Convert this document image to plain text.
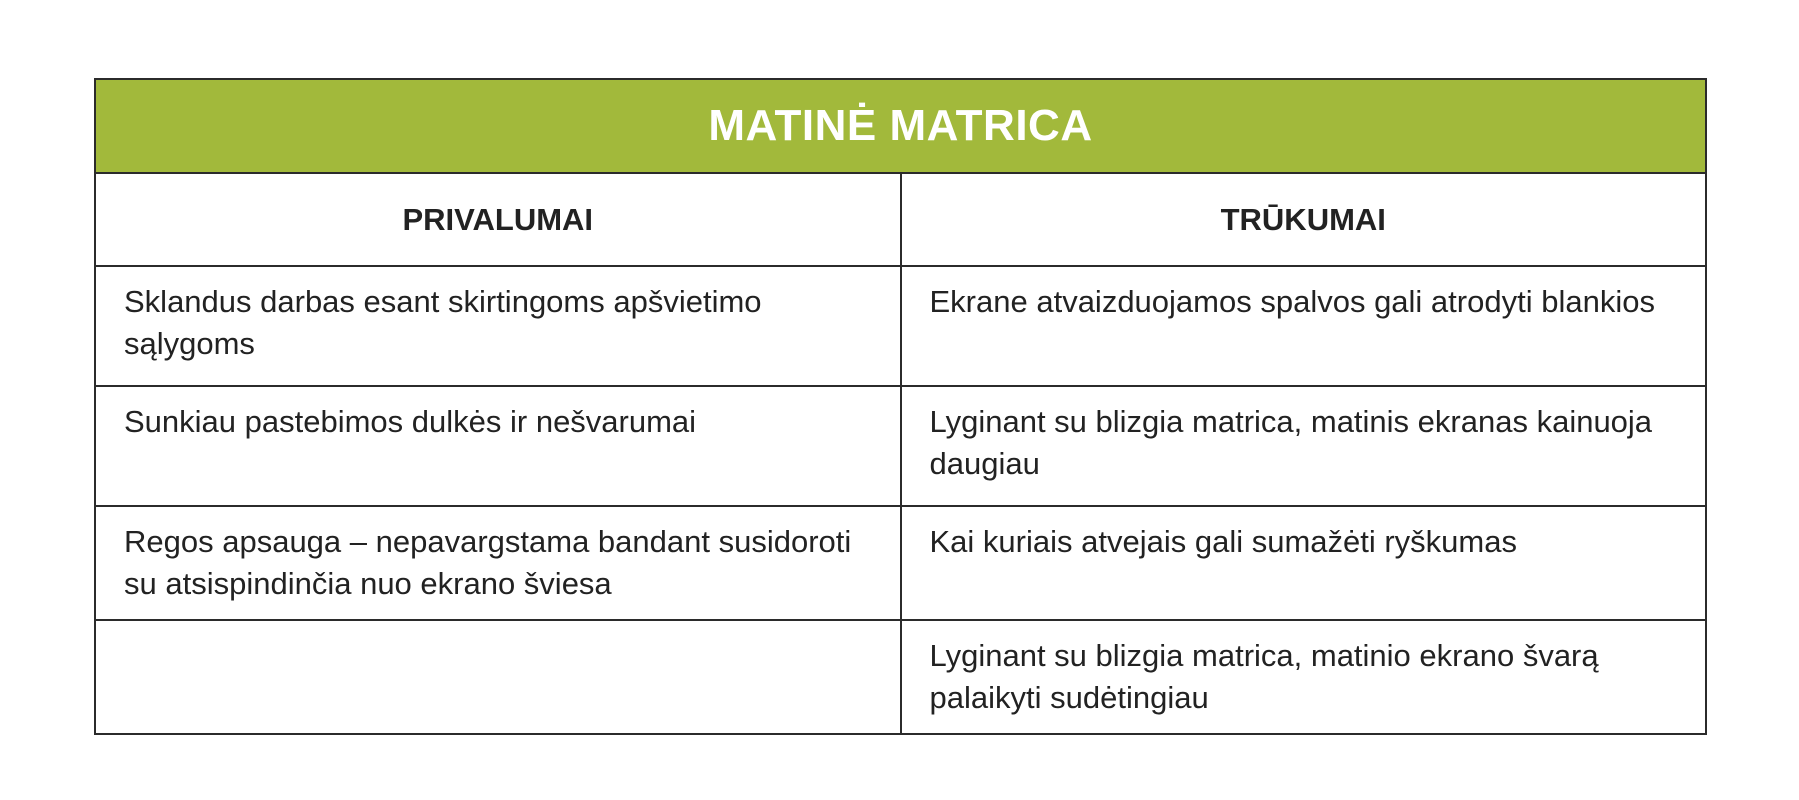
MATINĖ MATRICA	
PRIVALUMAI	TRŪKUMAI
Sklandus darbas esant skirtingoms apšvietimo sąlygoms	Ekrane atvaizduojamos spalvos gali atrodyti blankios
Sunkiau pastebimos dulkės ir nešvarumai	Lyginant su blizgia matrica, matinis ekranas kainuoja daugiau
Regos apsauga – nepavargstama bandant susidoroti su atsispindinčia nuo ekrano šviesa	Kai kuriais atvejais gali sumažėti ryškumas
	Lyginant su blizgia matrica, matinio ekrano švarą palaikyti sudėtingiau
